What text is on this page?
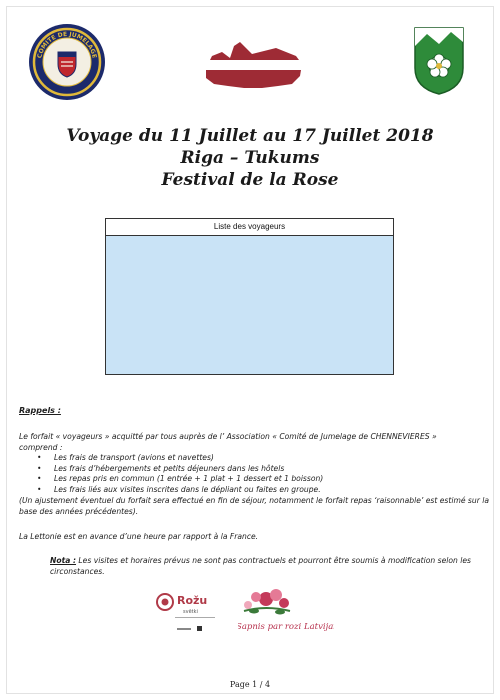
COMITE DE JUMELAGE
Voyage du 11 Juillet au 17 Juillet 2018
Riga – Tukums
Festival de la Rose
Liste des voyageurs
Rappels :
Le forfait « voyageurs » acquitté par tous auprès de l’ Association « Comité de Jumelage de CHENNEVIERES » comprend :
• Les frais de transport (avions et navettes)
• Les frais d’hébergements et petits déjeuners dans les hôtels
• Les repas pris en commun (1 entrée + 1 plat + 1 dessert et 1 boisson)
• Les frais liés aux visites inscrites dans le dépliant ou faites en groupe.
(Un ajustement éventuel du forfait sera effectué en fin de séjour, notamment le forfait repas ‘raisonnable’ est estimé sur la base des années précédentes).
La Lettonie est en avance d’une heure par rapport à la France.
Nota : Les visites et horaires prévus ne sont pas contractuels et pourront être soumis à modification selon les circonstances.
Rožu
svētki
Sapnis par rozi Latvijai
Page 1 / 4
